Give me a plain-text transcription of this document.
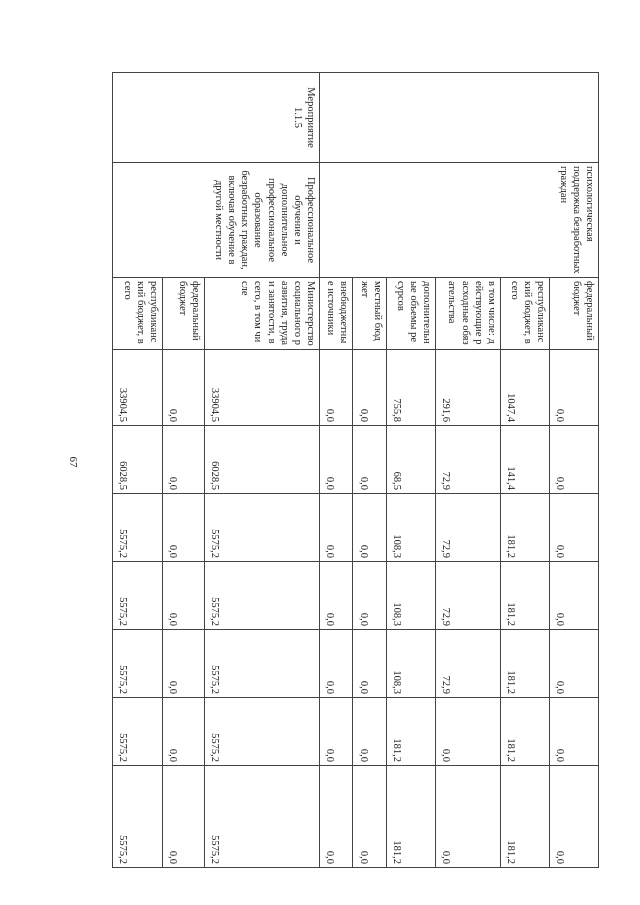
67
	психологическая поддержка безработных граждан	федеральный бюджет	0,0	0,0	0,0	0,0	0,0	0,0	0,0
		республиканский бюджет, всего	1047,4	141,4	181,2	181,2	181,2	181,2	181,2
		в том числе: действующие расходные обязательства	291,6	72,9	72,9	72,9	72,9	0,0	0,0
		дополнительные объемы ресурсов	755,8	68,5	108,3	108,3	108,3	181,2	181,2
		местный бюджет	0,0	0,0	0,0	0,0	0,0	0,0	0,0
		внебюджетные источники	0,0	0,0	0,0	0,0	0,0	0,0	0,0
Мероприятие 1.1.5	Профессиональное обучение и дополнительное профессиональное образование безработных граждан, включая обучение в другой местности	Министерство социального развития, труда и занятости, всего, в том числе	33904,5	6028,5	5575,2	5575,2	5575,2	5575,2	5575,2
		федеральный бюджет	0,0	0,0	0,0	0,0	0,0	0,0	0,0
		республиканский бюджет, всего	33904,5	6028,5	5575,2	5575,2	5575,2	5575,2	5575,2
